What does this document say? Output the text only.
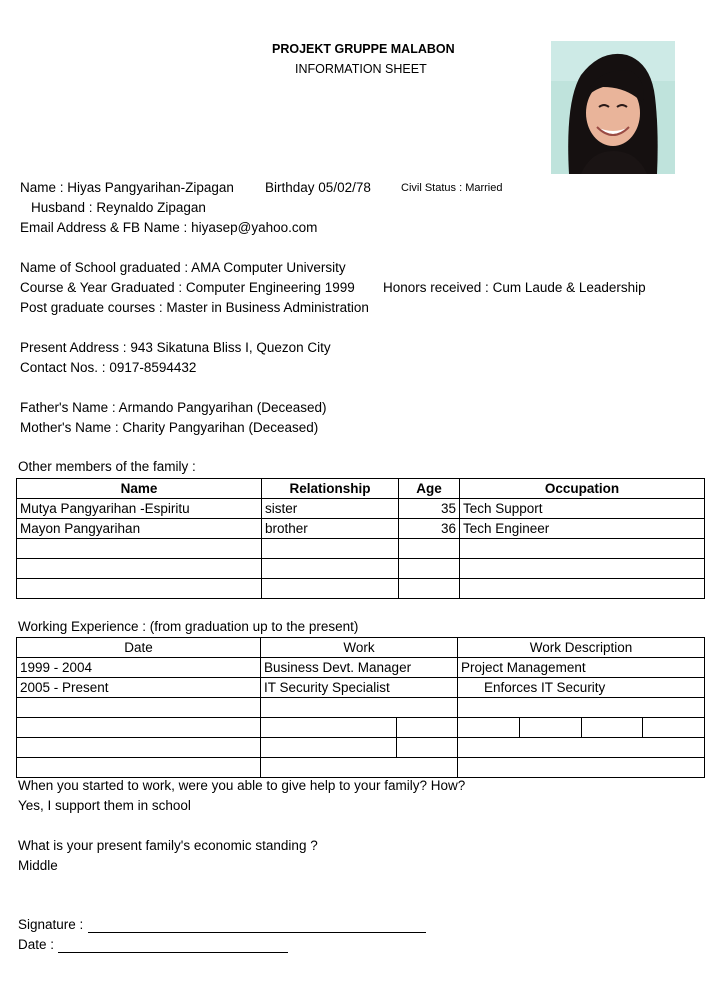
PROJEKT GRUPPE MALABON
INFORMATION SHEET
Name : Hiyas Pangyarihan-Zipagan Birthday 05/02/78	Civil Status : Married
Husband : Reynaldo Zipagan
Email Address & FB Name : hiyasep@yahoo.com
Name of School graduated : AMA Computer University
Course & Year Graduated : Computer Engineering 1999 Honors received : Cum Laude & Leadership
Post graduate courses : Master in Business Administration
Present Address : 943 Sikatuna Bliss I, Quezon City
Contact Nos. : 0917-8594432
Father's Name : Armando Pangyarihan (Deceased)
Mother's Name : Charity Pangyarihan (Deceased)
Other members of the family :
Name	Relationship	Age	Occupation
Mutya Pangyarihan -Espiritu	sister	35	Tech Support
Mayon Pangyarihan	brother	36	Tech Engineer

Working Experience : (from graduation up to the present)
Date	Work		Work Description
1999 - 2004	Business Devt. Manager		Project Management
2005 - Present	IT Security Specialist		Enforces IT Security

When you started to work, were you able to give help to your family? How?
Yes, I support them in school
What is your present family's economic standing ?
Middle
Signature :
Date :
